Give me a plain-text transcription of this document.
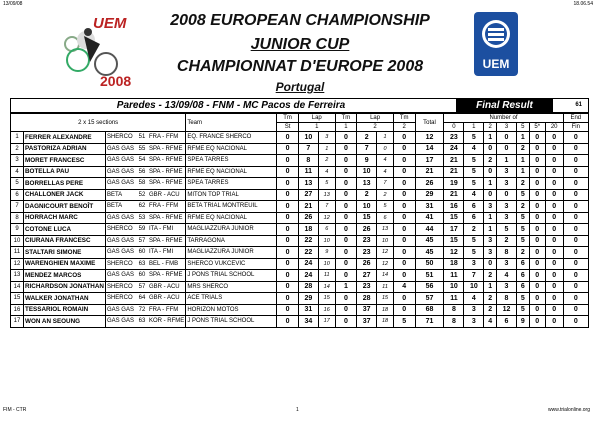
13/09/08	18.06.54
UEM
2008
2008 EUROPEAN CHAMPIONSHIP
JUNIOR CUP
CHAMPIONNAT D'EUROPE 2008
Portugal
UEM
Paredes - 13/09/08 - FNM - MC Pacos de Ferreira	Final Result	61
2 x 15 sections					Team	Tm	Lap		Tm	Lap		Tm	Total	Number of							End
						St	1		1	2		2		0	1	2	3	5	5*	20	Fin
1	FERRER ALEXANDRE	SHERCO	51	FRA - FFM	EQ. FRANCE SHERCO	0	10	3	0	2	1	0	12	23	5	1	0	1	0	0	0
2	PASTORIZA ADRIAN	GAS GAS	55	SPA - RFME	RFME EQ NACIONAL	0	7	1	0	7	0	0	14	24	4	0	0	2	0	0	0
3	MORET FRANCESC	GAS GAS	54	SPA - RFME	SPEA TARRES	0	8	2	0	9	4	0	17	21	5	2	1	1	0	0	0
4	BOTELLA PAU	GAS GAS	56	SPA - RFME	RFME EQ NACIONAL	0	11	4	0	10	4	0	21	21	5	0	3	1	0	0	0
5	BORRELLAS PERE	GAS GAS	58	SPA - RFME	SPEA TARRES	0	13	5	0	13	7	0	26	19	5	1	3	2	0	0	0
6	CHALLONER JACK	BETA	52	GBR - ACU	MITON TOP TRIAL	0	27	13	0	2	2	0	29	21	4	0	0	5	0	0	0
7	DAGNICOURT BENOÎT	BETA	62	FRA - FFM	BETA TRIAL MONTREUIL	0	21	7	0	10	5	0	31	16	6	3	3	2	0	0	0
8	HORRACH MARC	GAS GAS	53	SPA - RFME	RFME EQ NACIONAL	0	26	12	0	15	6	0	41	15	6	1	3	5	0	0	0
9	COTONE LUCA	SHERCO	59	ITA - FMI	MAGLIAZZURA JUNIOR	0	18	6	0	26	13	0	44	17	2	1	5	5	0	0	0
10	CIURANA FRANCESC	GAS GAS	57	SPA - RFME	TARRAGONA	0	22	10	0	23	10	0	45	15	5	3	2	5	0	0	0
11	STALTARI SIMONE	GAS GAS	60	ITA - FMI	MAGLIAZZURA JUNIOR	0	22	9	0	23	12	0	45	12	5	3	8	2	0	0	0
12	WARENGHIEN MAXIME	SHERCO	63	BEL - FMB	SHERCO VUKCEVIC	0	24	10	0	26	12	0	50	18	3	0	3	6	0	0	0
13	MENDEZ MARCOS	GAS GAS	60	SPA - RFME	J PONS TRIAL SCHOOL	0	24	11	0	27	14	0	51	11	7	2	4	6	0	0	0
14	RICHARDSON JONATHAN	SHERCO	57	GBR - ACU	MRS SHERCO	0	28	14	1	23	11	4	56	10	10	1	3	6	0	0	0
15	WALKER JONATHAN	SHERCO	64	GBR - ACU	ACE TRIALS	0	29	15	0	28	15	0	57	11	4	2	8	5	0	0	0
16	TESSARIOL ROMAIN	GAS GAS	72	FRA - FFM	HORIZON MOTOS	0	31	16	0	37	18	0	68	8	3	2	12	5	0	0	0
17	WON AN SEOUNG	GAS GAS	63	KOR - RFME	J PONS TRIAL SCHOOL	0	34	17	0	37	18	5	71	8	3	4	6	9	0	0	0
FIM - CTR	1	www.trialonline.org
